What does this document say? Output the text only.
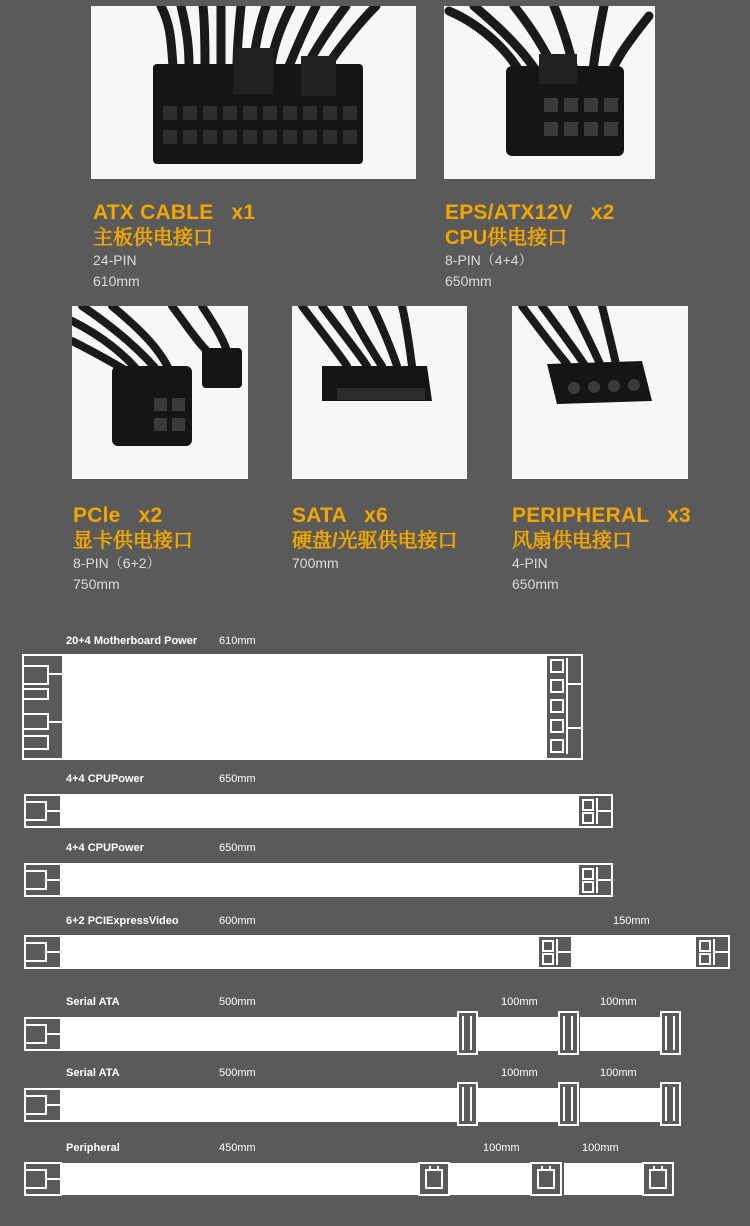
ATX CABLE   x1
主板供电接口
24-PIN
610mm
EPS/ATX12V   x2
CPU供电接口
8-PIN（4+4）
650mm
PCle   x2
显卡供电接口
8-PIN（6+2）
750mm
SATA   x6
硬盘/光驱供电接口
700mm
PERIPHERAL   x3
风扇供电接口
4-PIN
650mm
20+4 Motherboard Power 610mm
4+4 CPUPower	650mm
4+4 CPUPower	650mm
6+2 PCIExpressVideo	600mm	150mm
Serial ATA	500mm	100mm	100mm
Serial ATA	500mm	100mm	100mm
Peripheral	450mm	100mm	100mm
